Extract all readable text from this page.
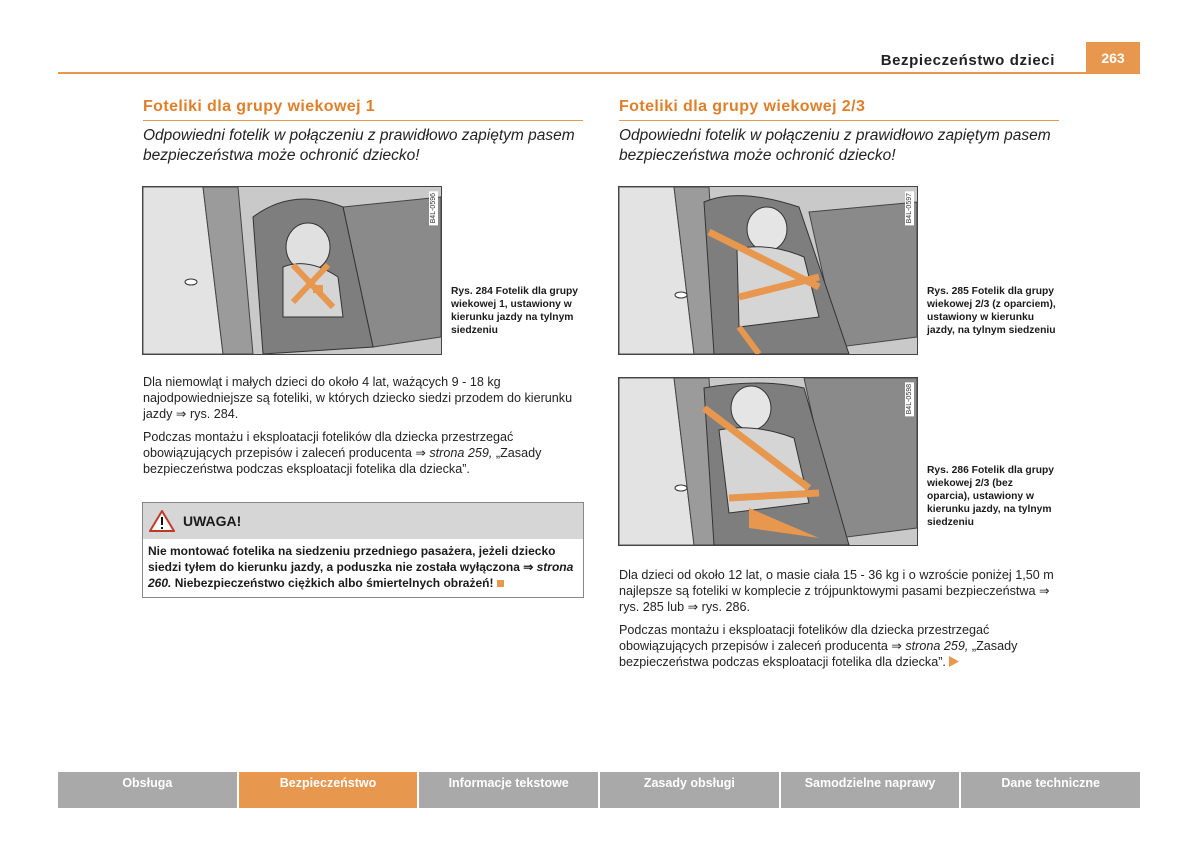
Bezpieczeństwo dzieci	263
Foteliki dla grupy wiekowej 1
Odpowiedni fotelik w połączeniu z prawidłowo zapiętym pasem bezpieczeństwa może ochronić dziecko!
B4L-0596
Rys. 284 Fotelik dla grupy wiekowej 1, ustawiony w kierunku jazdy na tylnym siedzeniu

Dla niemowląt i małych dzieci do około 4 lat, ważących 9 - 18 kg najodpowiedniejsze są foteliki, w których dziecko siedzi przodem do kierunku jazdy ⇒ rys. 284.

Podczas montażu i eksploatacji fotelików dla dziecka przestrzegać obowiązujących przepisów i zaleceń producenta ⇒ strona 259, „Zasady bezpieczeństwa podczas eksploatacji fotelika dla dziecka”.

UWAGA!
Nie montować fotelika na siedzeniu przedniego pasażera, jeżeli dziecko siedzi tyłem do kierunku jazdy, a poduszka nie została wyłączona ⇒ strona 260. Niebezpieczeństwo ciężkich albo śmiertelnych obrażeń!
Foteliki dla grupy wiekowej 2/3
Odpowiedni fotelik w połączeniu z prawidłowo zapiętym pasem bezpieczeństwa może ochronić dziecko!
B4L-0597
Rys. 285 Fotelik dla grupy wiekowej 2/3 (z oparciem), ustawiony w kierunku jazdy, na tylnym siedzeniu
B4L-0598
Rys. 286 Fotelik dla grupy wiekowej 2/3 (bez oparcia), ustawiony w kierunku jazdy, na tylnym siedzeniu

Dla dzieci od około 12 lat, o masie ciała 15 - 36 kg i o wzroście poniżej 1,50 m najlepsze są foteliki w komplecie z trójpunktowymi pasami bezpieczeństwa ⇒ rys. 285 lub ⇒ rys. 286.

Podczas montażu i eksploatacji fotelików dla dziecka przestrzegać obowiązujących przepisów i zaleceń producenta ⇒ strona 259, „Zasady bezpieczeństwa podczas eksploatacji fotelika dla dziecka”.

Obsługa	Bezpieczeństwo	Informacje tekstowe	Zasady obsługi	Samodzielne naprawy	Dane techniczne
